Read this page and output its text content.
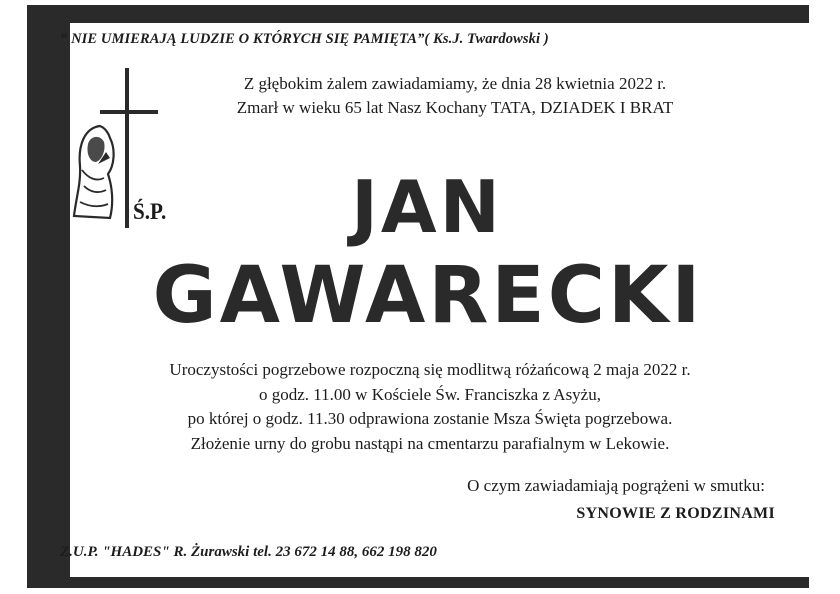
“ NIE UMIERAJĄ LUDZIE O KTÓRYCH SIĘ PAMIĘTA”( Ks.J. Twardowski )
Z głębokim żalem zawiadamiamy, że dnia 28 kwietnia 2022 r.
Zmarł w wieku 65 lat Nasz Kochany TATA, DZIADEK I BRAT
Ś.P.	JAN
GAWARECKI
Uroczystości pogrzebowe rozpoczną się modlitwą różańcową 2 maja 2022 r.
o godz. 11.00 w Kościele Św. Franciszka z Asyżu,
po której o godz. 11.30 odprawiona zostanie Msza Święta pogrzebowa.
Złożenie urny do grobu nastąpi na cmentarzu parafialnym w Lekowie.
O czym zawiadamiają pogrążeni w smutku:
SYNOWIE Z RODZINAMI
Z.U.P. "HADES" R. Żurawski tel. 23 672 14 88, 662 198 820
